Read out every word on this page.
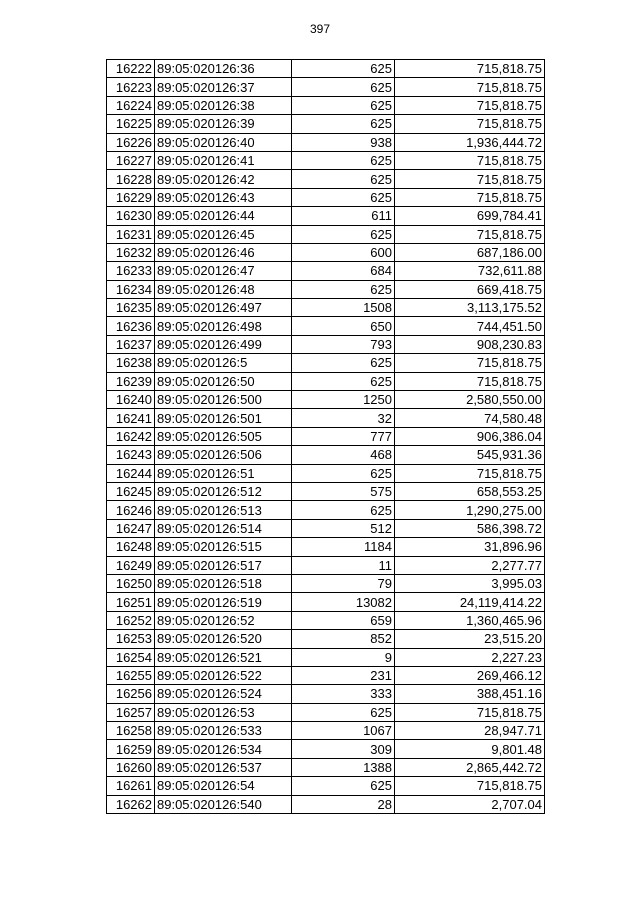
397
16222	89:05:020126:36	625	715,818.75
16223	89:05:020126:37	625	715,818.75
16224	89:05:020126:38	625	715,818.75
16225	89:05:020126:39	625	715,818.75
16226	89:05:020126:40	938	1,936,444.72
16227	89:05:020126:41	625	715,818.75
16228	89:05:020126:42	625	715,818.75
16229	89:05:020126:43	625	715,818.75
16230	89:05:020126:44	611	699,784.41
16231	89:05:020126:45	625	715,818.75
16232	89:05:020126:46	600	687,186.00
16233	89:05:020126:47	684	732,611.88
16234	89:05:020126:48	625	669,418.75
16235	89:05:020126:497	1508	3,113,175.52
16236	89:05:020126:498	650	744,451.50
16237	89:05:020126:499	793	908,230.83
16238	89:05:020126:5	625	715,818.75
16239	89:05:020126:50	625	715,818.75
16240	89:05:020126:500	1250	2,580,550.00
16241	89:05:020126:501	32	74,580.48
16242	89:05:020126:505	777	906,386.04
16243	89:05:020126:506	468	545,931.36
16244	89:05:020126:51	625	715,818.75
16245	89:05:020126:512	575	658,553.25
16246	89:05:020126:513	625	1,290,275.00
16247	89:05:020126:514	512	586,398.72
16248	89:05:020126:515	1184	31,896.96
16249	89:05:020126:517	11	2,277.77
16250	89:05:020126:518	79	3,995.03
16251	89:05:020126:519	13082	24,119,414.22
16252	89:05:020126:52	659	1,360,465.96
16253	89:05:020126:520	852	23,515.20
16254	89:05:020126:521	9	2,227.23
16255	89:05:020126:522	231	269,466.12
16256	89:05:020126:524	333	388,451.16
16257	89:05:020126:53	625	715,818.75
16258	89:05:020126:533	1067	28,947.71
16259	89:05:020126:534	309	9,801.48
16260	89:05:020126:537	1388	2,865,442.72
16261	89:05:020126:54	625	715,818.75
16262	89:05:020126:540	28	2,707.04
